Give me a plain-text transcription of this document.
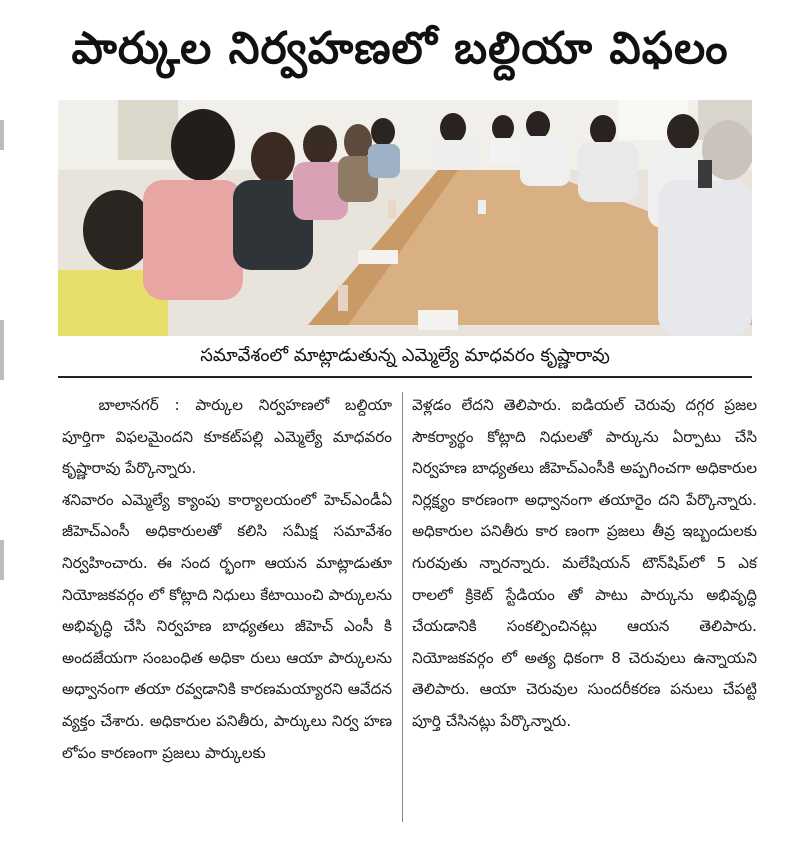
పార్కుల నిర్వహణలో బల్దియా విఫలం
సమావేశంలో మాట్లాడుతున్న ఎమ్మెల్యే మాధవరం కృష్ణారావు

బాలానగర్ : పార్కుల నిర్వహణలో బల్దియా పూర్తిగా విఫలమైందని కూకట్‌పల్లి ఎమ్మెల్యే మాధవరం కృష్ణారావు పేర్కొన్నారు.

శనివారం ఎమ్మెల్యే క్యాంపు కార్యాలయంలో హెచ్ఎండీఏ జీహెచ్ఎంసీ అధికారులతో కలిసి సమీక్ష సమావేశం నిర్వహించారు. ఈ సంద ర్భంగా ఆయన మాట్లాడుతూ నియోజకవర్గం లో కోట్లాది నిధులు కేటాయించి పార్కులను అభివృద్ధి చేసి నిర్వహణ బాధ్యతలు జీహెచ్ ఎంసీ కి అందజేయగా సంబంధిత అధికా రులు ఆయా పార్కులను అధ్వానంగా తయా రవ్వడానికి కారణమయ్యారని ఆవేదన వ్యక్తం చేశారు. అధికారుల పనితీరు, పార్కులు నిర్వ హణ లోపం కారణంగా ప్రజలు పార్కులకు

వెళ్లడం లేదని తెలిపారు. ఐడియల్ చెరువు దగ్గర ప్రజల సౌకర్యార్థం కోట్లాది నిధులతో పార్కును ఏర్పాటు చేసి నిర్వహణ బాధ్యతలు జీహెచ్ఎంసీకి అప్పగించగా అధికారుల నిర్లక్ష్యం కారణంగా అధ్వానంగా తయారైం దని పేర్కొన్నారు. అధికారుల పనితీరు కార ణంగా ప్రజలు తీవ్ర ఇబ్బందులకు గురవుతు న్నారన్నారు. మలేషియన్ టౌన్‌షిప్‌లో 5 ఎక రాలలో క్రికెట్ స్టేడియం తో పాటు పార్కును అభివృద్ధి చేయడానికి సంకల్పించినట్లు ఆయన తెలిపారు. నియోజకవర్గం లో అత్య ధికంగా 8 చెరువులు ఉన్నాయని తెలిపారు. ఆయా చెరువుల సుందరీకరణ పనులు చేపట్టి పూర్తి చేసినట్లు పేర్కొన్నారు.
